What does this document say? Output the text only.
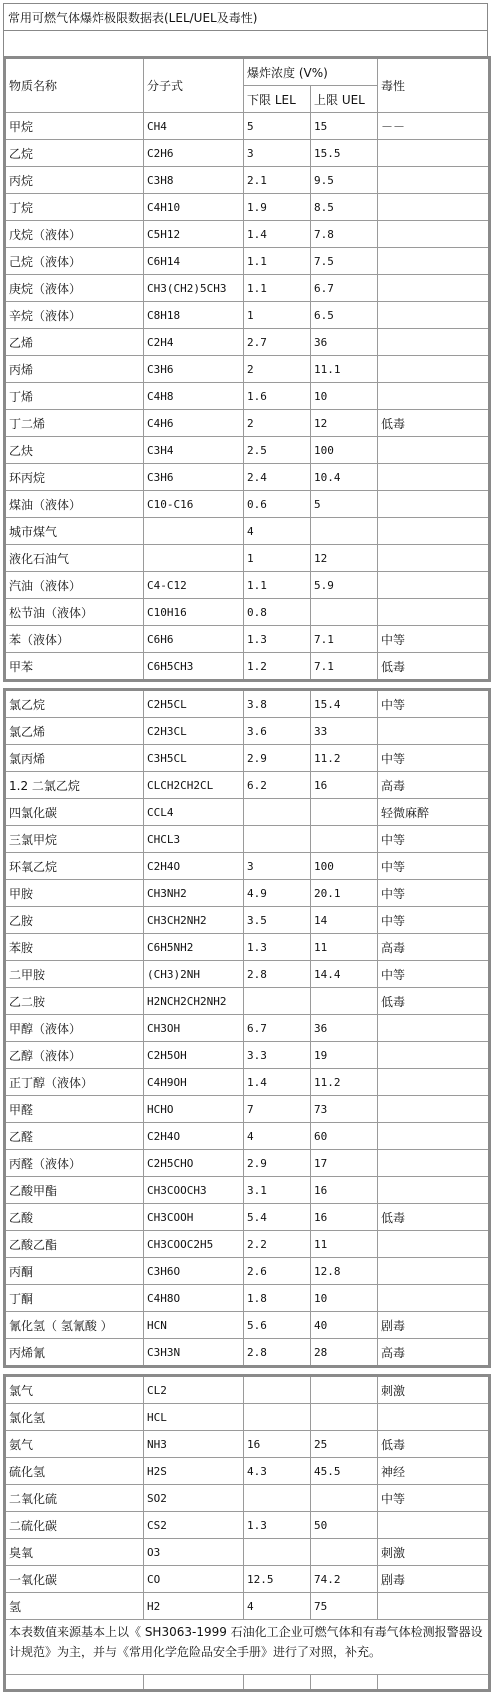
常用可燃气体爆炸极限数据表(LEL/UEL及毒性)
物质名称	分子式	爆炸浓度 (V%)		毒性
		下限 LEL	上限 UEL	
甲烷	CH4	5	15	－－
乙烷	C2H6	3	15.5	
丙烷	C3H8	2.1	9.5	
丁烷	C4H10	1.9	8.5	
戊烷（液体）	C5H12	1.4	7.8	
己烷（液体）	C6H14	1.1	7.5	
庚烷（液体）	CH3(CH2)5CH3	1.1	6.7	
辛烷（液体）	C8H18	1	6.5	
乙烯	C2H4	2.7	36	
丙烯	C3H6	2	11.1	
丁烯	C4H8	1.6	10	
丁二烯	C4H6	2	12	低毒
乙炔	C3H4	2.5	100	
环丙烷	C3H6	2.4	10.4	
煤油（液体）	C10-C16	0.6	5	
城市煤气		4		
液化石油气		1	12	
汽油（液体）	C4-C12	1.1	5.9	
松节油（液体）	C10H16	0.8		
苯（液体）	C6H6	1.3	7.1	中等
甲苯	C6H5CH3	1.2	7.1	低毒
氯乙烷	C2H5CL	3.8	15.4	中等
氯乙烯	C2H3CL	3.6	33	
氯丙烯	C3H5CL	2.9	11.2	中等
1.2 二氯乙烷	CLCH2CH2CL	6.2	16	高毒
四氯化碳	CCL4			轻微麻醉
三氯甲烷	CHCL3			中等
环氧乙烷	C2H4O	3	100	中等
甲胺	CH3NH2	4.9	20.1	中等
乙胺	CH3CH2NH2	3.5	14	中等
苯胺	C6H5NH2	1.3	11	高毒
二甲胺	(CH3)2NH	2.8	14.4	中等
乙二胺	H2NCH2CH2NH2			低毒
甲醇（液体）	CH3OH	6.7	36	
乙醇（液体）	C2H5OH	3.3	19	
正丁醇（液体）	C4H9OH	1.4	11.2	
甲醛	HCHO	7	73	
乙醛	C2H4O	4	60	
丙醛（液体）	C2H5CHO	2.9	17	
乙酸甲酯	CH3COOCH3	3.1	16	
乙酸	CH3COOH	5.4	16	低毒
乙酸乙酯	CH3COOC2H5	2.2	11	
丙酮	C3H6O	2.6	12.8	
丁酮	C4H8O	1.8	10	
氰化氢（ 氢氰酸 ）	HCN	5.6	40	剧毒
丙烯氰	C3H3N	2.8	28	高毒
氯气	CL2			刺激
氯化氢	HCL			
氨气	NH3	16	25	低毒
硫化氢	H2S	4.3	45.5	神经
二氧化硫	SO2			中等
二硫化碳	CS2	1.3	50	
臭氧	O3			刺激
一氧化碳	CO	12.5	74.2	剧毒
氢	H2	4	75	
本表数值来源基本上以《 SH3063-1999 石油化工企业可燃气体和有毒气体检测报警器设计规范》为主，并与《常用化学危险品安全手册》进行了对照，补充。				
